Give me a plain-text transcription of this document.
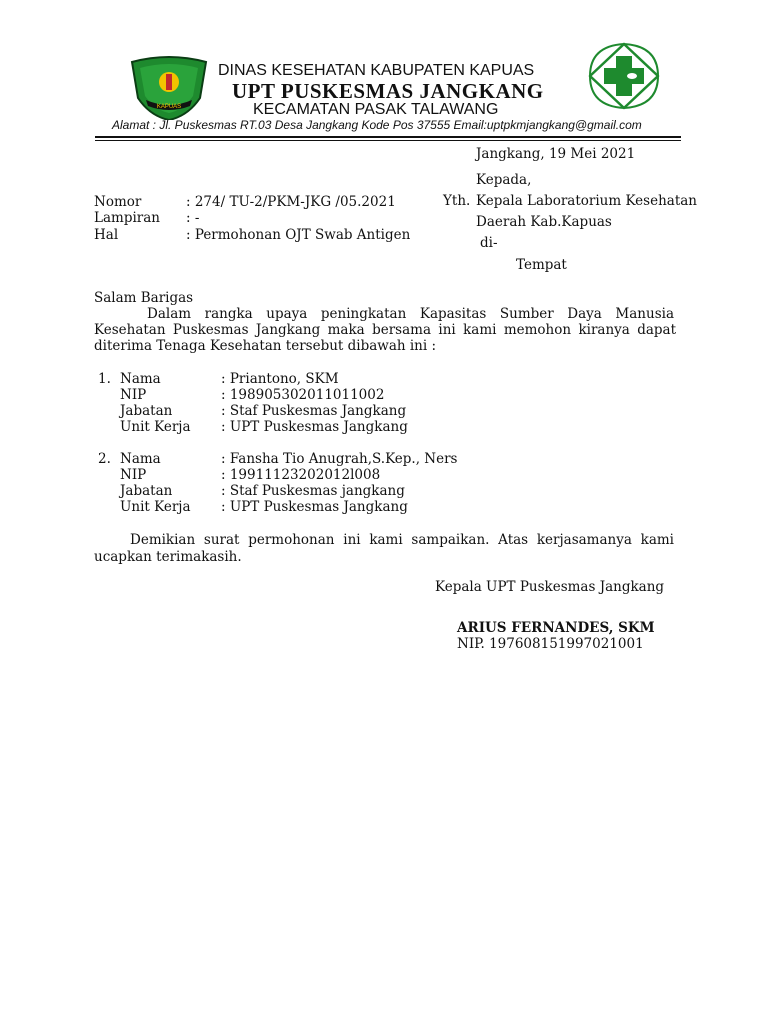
KAPUAS
DINAS KESEHATAN KABUPATEN KAPUAS
UPT PUSKESMAS JANGKANG
KECAMATAN PASAK TALAWANG
Alamat : Jl. Puskesmas RT.03 Desa Jangkang Kode Pos 37555 Email:uptpkmjangkang@gmail.com
Jangkang, 19 Mei 2021
Kepada,
Yth. Kepala Laboratorium Kesehatan
Daerah Kab.Kapuas
di-
Tempat
Nomor	: 274/ TU-2/PKM-JKG /05.2021
Lampiran : -
Hal	: Permohonan OJT Swab Antigen
Salam Barigas
Dalam rangka upaya peningkatan Kapasitas Sumber Daya Manusia
Kesehatan Puskesmas Jangkang maka bersama ini kami memohon kiranya dapat
diterima Tenaga Kesehatan tersebut dibawah ini :
1. Nama	: Priantono, SKM
NIP	: 198905302011011002
Jabatan	: Staf Puskesmas Jangkang
Unit Kerja : UPT Puskesmas Jangkang
2. Nama	: Fansha Tio Anugrah,S.Kep., Ners
NIP	: 19911123202012l008
Jabatan	: Staf Puskesmas jangkang
Unit Kerja : UPT Puskesmas Jangkang
Demikian surat permohonan ini kami sampaikan. Atas kerjasamanya kami
ucapkan terimakasih.
Kepala UPT Puskesmas Jangkang
ARIUS FERNANDES, SKM
NIP. 197608151997021001
